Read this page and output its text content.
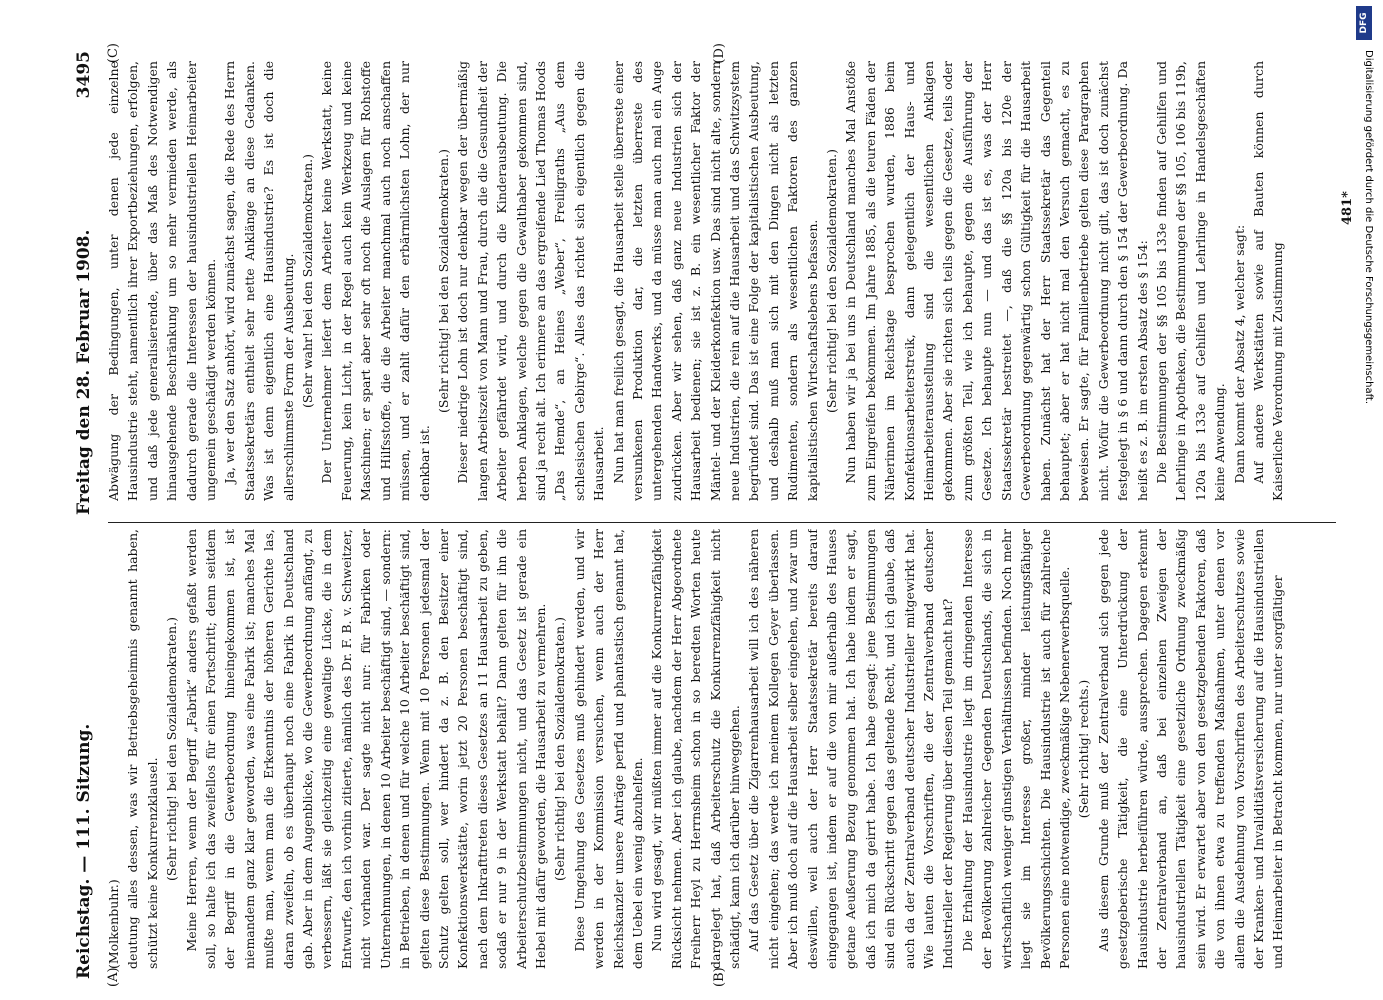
Reichstag. — 111. Sitzung.
Freitag den 28. Februar 1908.
3495

(Molkenbuhr.) deutung alles dessen, was wir Betriebsgeheimnis genannt haben, schützt keine Konkurrenzklausel. (Sehr richtig! bei den Sozialdemokraten.) Meine Herren, wenn der Begriff „Fabrik“ anders gefaßt werden soll, so halte ich das zweifellos für einen Fortschritt; denn seitdem der Begriff in die Gewerbeordnung hineingekommen ist, ist niemandem ganz klar geworden, was eine Fabrik ist; manches Mal mußte man, wenn man die Erkenntnis der höheren Gerichte las, daran zweifeln, ob es überhaupt noch eine Fabrik in Deutschland gab. Aber in dem Augenblicke, wo die Gewerbeordnung anfängt, zu verbessern, läßt sie gleichzeitig eine gewaltige Lücke, die in dem Entwurfe, den ich vorhin zitierte, nämlich des Dr. F. B. v. Schweitzer, nicht vorhanden war. Der sagte nicht nur: für Fabriken oder Unternehmungen, in denen 10 Arbeiter beschäftigt sind, — sondern: in Betrieben, in denen und für welche 10 Arbeiter beschäftigt sind, gelten diese Bestimmungen. Wenn mit 10 Personen jedesmal der Schutz gelten soll, wer hindert da z. B. den Besitzer einer Konfektionswerkstätte, worin jetzt 20 Personen beschäftigt sind, nach dem Inkrafttreten dieses Gesetzes an 11 Hausarbeit zu geben, sodaß er nur 9 in der Werkstatt behält? Dann gelten für ihn die Arbeiterschutzbestimmungen nicht, und das Gesetz ist gerade ein Hebel mit dafür geworden, die Hausarbeit zu vermehren. (Sehr richtig! bei den Sozialdemokraten.) Diese Umgehung des Gesetzes muß gehindert werden, und wir werden in der Kommission versuchen, wenn auch der Herr Reichskanzler unsere Anträge perfid und phantastisch genannt hat, dem Uebel ein wenig abzuhelfen. Nun wird gesagt, wir müßten immer auf die Konkurrenzfähigkeit Rücksicht nehmen. Aber ich glaube, nachdem der Herr Abgeordnete Freiherr Heyl zu Herrnsheim schon in so beredten Worten heute dargelegt hat, daß Arbeiterschutz die Konkurrenzfähigkeit nicht schädigt, kann ich darüber hinweggehen. Auf das Gesetz über die Zigarrenhausarbeit will ich des näheren nicht eingehen; das werde ich meinem Kollegen Geyer überlassen. Aber ich muß doch auf die Hausarbeit selber eingehen, und zwar um deswillen, weil auch der Herr Staatssekretär bereits darauf eingegangen ist, indem er auf die von mir außerhalb des Hauses getane Aeußerung Bezug genommen hat. Ich habe indem er sagt, daß ich mich da geirrt habe. Ich habe gesagt: jene Bestimmungen sind ein Rückschritt gegen das geltende Recht, und ich glaube, daß auch da der Zentralverband deutscher Industrieller mitgewirkt hat. Wie lauten die Vorschriften, die der Zentralverband deutscher Industrieller der Regierung über diesen Teil gemacht hat? Die Erhaltung der Hausindustrie liegt im dringenden Interesse der Bevölkerung zahlreicher Gegenden Deutschlands, die sich in wirtschaftlich weniger günstigen Verhältnissen befinden. Noch mehr liegt sie im Interesse großer, minder leistungsfähiger Bevölkerungsschichten. Die Hausindustrie ist auch für zahlreiche Personen eine notwendige, zweckmäßige Nebenerwerbsquelle. (Sehr richtig! rechts.) Aus diesem Grunde muß der Zentralverband sich gegen jede gesetzgeberische Tätigkeit, die eine Unterdrückung der Hausindustrie herbeiführen würde, aussprechen. Dagegen erkennt der Zentralverband an, daß bei einzelnen Zweigen der hausindustriellen Tätigkeit eine gesetzliche Ordnung zweckmäßig sein wird. Er erwartet aber von den gesetzgebenden Faktoren, daß die von ihnen etwa zu treffenden Maßnahmen, unter denen vor allem die Ausdehnung von Vorschriften des Arbeiterschutzes sowie der Kranken- und Invaliditätsversicherung auf die Hausindustriellen und Heimarbeiter in Betracht kommen, nur unter sorgfältiger

Abwägung der Bedingungen, unter denen jede einzelne Hausindustrie steht, namentlich ihrer Exportbeziehungen, erfolgen, und daß jede generalisierende, über das Maß des Notwendigen hinausgehende Beschränkung um so mehr vermieden werde, als dadurch gerade die Interessen der hausindustriellen Heimarbeiter ungemein geschädigt werden können. Ja, wer den Satz anhört, wird zunächst sagen, die Rede des Herrn Staatssekretärs enthielt sehr nette Anklänge an diese Gedanken. Was ist denn eigentlich eine Hausindustrie? Es ist doch die allerschlimmste Form der Ausbeutung. (Sehr wahr! bei den Sozialdemokraten.) Der Unternehmer liefert dem Arbeiter keine Werkstatt, keine Feuerung, kein Licht, in der Regel auch kein Werkzeug und keine Maschinen; er spart aber sehr oft noch die Auslagen für Rohstoffe und Hilfsstoffe, die die Arbeiter manchmal auch noch anschaffen müssen, und er zahlt dafür den erbärmlichsten Lohn, der nur denkbar ist.

(Sehr richtig! bei den Sozialdemokraten.) Dieser niedrige Lohn ist doch nur denkbar wegen der übermäßig langen Arbeitszeit von Mann und Frau, durch die die Gesundheit der Arbeiter gefährdet wird, und durch die Kinderausbeutung. Die herben Anklagen, welche gegen die Gewalthaber gekommen sind, sind ja recht alt. Ich erinnere an das ergreifende Lied Thomas Hoods „Das Hemde“, an Heines „Weber“, Freiligraths „Aus dem schlesischen Gebirge“. Alles das richtet sich eigentlich gegen die Hausarbeit. Nun hat man freilich gesagt, die Hausarbeit stelle überreste einer versunkenen Produktion dar, die letzten überreste des untergehenden Handwerks, und da müsse man auch mal ein Auge zudrücken. Aber wir sehen, daß ganz neue Industrien sich der Hausarbeit bedienen; sie ist z. B. ein wesentlicher Faktor der Mäntel- und der Kleiderkonfektion usw. Das sind nicht alte, sondern neue Industrien, die rein auf die Hausarbeit und das Schwitzsystem begründet sind. Das ist eine Folge der kapitalistischen Ausbeutung, und deshalb muß man sich mit den Dingen nicht als letzten Rudimenten, sondern als wesentlichen Faktoren des ganzen kapitalistischen Wirtschaftslebens befassen. (Sehr richtig! bei den Sozialdemokraten.) Nun haben wir ja bei uns in Deutschland manches Mal Anstöße zum Eingreifen bekommen. Im Jahre 1885, als die teuren Fäden der Näherinnen im Reichstage besprochen wurden, 1886 beim Konfektionsarbeiterstreik, dann gelegentlich der Haus- und Heimarbeiterausstellung sind die wesentlichen Anklagen gekommen. Aber sie richten sich teils gegen die Gesetze, teils oder zum größten Teil, wie ich behaupte, gegen die Ausführung der Gesetze. Ich behaupte nun — und das ist es, was der Herr Staatssekretär bestreitet —, daß die §§ 120a bis 120e der Gewerbeordnung gegenwärtig schon Gültigkeit für die Hausarbeit haben. Zunächst hat der Herr Staatssekretär das Gegenteil behauptet; aber er hat nicht mal den Versuch gemacht, es zu beweisen. Er sagte, für Familienbetriebe gelten diese Paragraphen nicht. Wofür die Gewerbeordnung nicht gilt, das ist doch zunächst festgelegt in § 6 und dann durch den § 154 der Gewerbeordnung. Da heißt es z. B. im ersten Absatz des § 154: Die Bestimmungen der §§ 105 bis 133e finden auf Gehilfen und Lehrlinge in Apotheken, die Bestimmungen der §§ 105, 106 bis 119b, 120a bis 133e auf Gehilfen und Lehrlinge in Handelsgeschäften keine Anwendung. Dann kommt der Absatz 4, welcher sagt: Auf andere Werkstätten sowie auf Bauten können durch Kaiserliche Verordnung mit Zustimmung

(A)	(B)
(C)	(D)
481*
DFG
Digitalisierung gefördert durch die Deutsche Forschungsgemeinschaft.
